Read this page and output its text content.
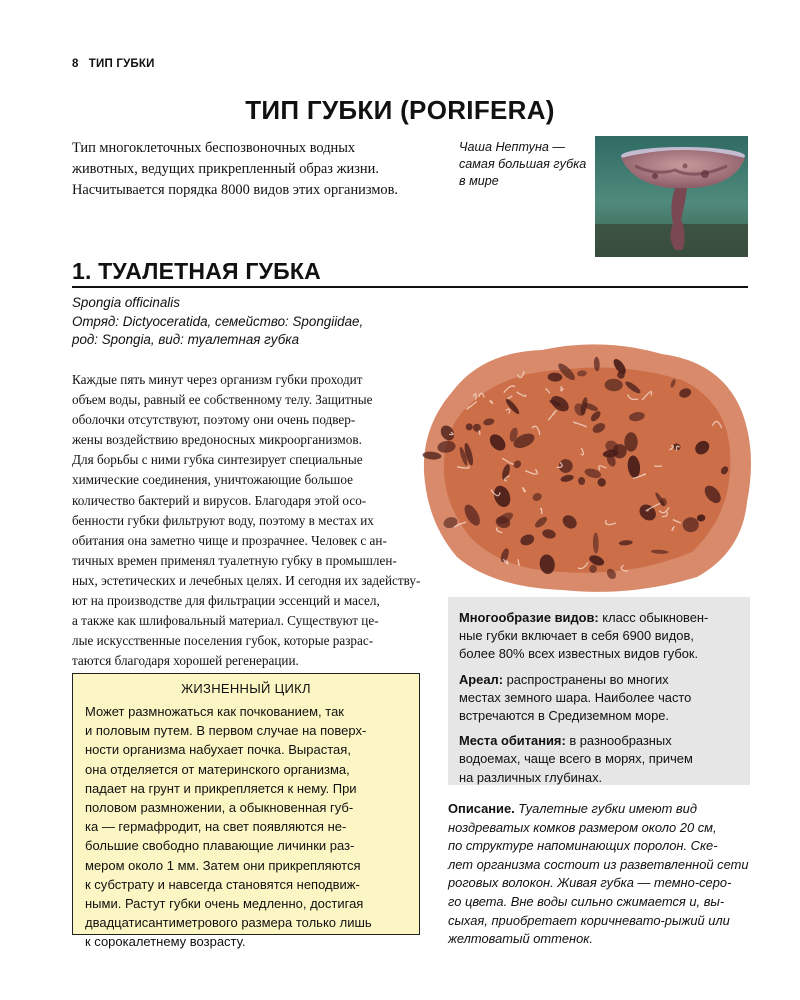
8 ТИП ГУБКИ
ТИП ГУБКИ (PORIFERA)
Тип многоклеточных беспозвоночных водных животных, ведущих прикрепленный образ жизни. Насчитывается порядка 8000 видов этих организмов.
Чаша Нептуна — самая большая губка в мире
1. ТУАЛЕТНАЯ ГУБКА
Spongia officinalis
Отряд: Dictyoceratida, семейство: Spongiidae,
род: Spongia, вид: туалетная губка
Каждые пять минут через организм губки проходит
объем воды, равный ее собственному телу. Защитные
оболочки отсутствуют, поэтому они очень подвер-
жены воздействию вредоносных микроорганизмов.
Для борьбы с ними губка синтезирует специальные
химические соединения, уничтожающие большое
количество бактерий и вирусов. Благодаря этой осо-
бенности губки фильтруют воду, поэтому в местах их
обитания она заметно чище и прозрачнее. Человек с ан-
тичных времен применял туалетную губку в промышлен-
ных, эстетических и лечебных целях. И сегодня их задейству-
ют на производстве для фильтрации эссенций и масел,
а также как шлифовальный материал. Существуют це-
лые искусственные поселения губок, которые разрас-
таются благодаря хорошей регенерации.
ЖИЗНЕННЫЙ ЦИКЛ
Может размножаться как почкованием, так
и половым путем. В первом случае на поверх-
ности организма набухает почка. Вырастая,
она отделяется от материнского организма,
падает на грунт и прикрепляется к нему. При
половом размножении, а обыкновенная губ-
ка — гермафродит, на свет появляются не-
большие свободно плавающие личинки раз-
мером около 1 мм. Затем они прикрепляются
к субстрату и навсегда становятся неподвиж-
ными. Растут губки очень медленно, достигая
двадцатисантиметрового размера только лишь
к сорокалетнему возрасту.
Многообразие видов: класс обыкновен-
ные губки включает в себя 6900 видов,
более 80% всех известных видов губок.
Ареал: распространены во многих
местах земного шара. Наиболее часто
встречаются в Средиземном море.
Места обитания: в разнообразных
водоемах, чаще всего в морях, причем
на различных глубинах.
Описание. Туалетные губки имеют вид
ноздреватых комков размером около 20 см,
по структуре напоминающих поролон. Ске-
лет организма состоит из разветвленной сети
роговых волокон. Живая губка — темно-серо-
го цвета. Вне воды сильно сжимается и, вы-
сыхая, приобретает коричневато-рыжий или
желтоватый оттенок.
